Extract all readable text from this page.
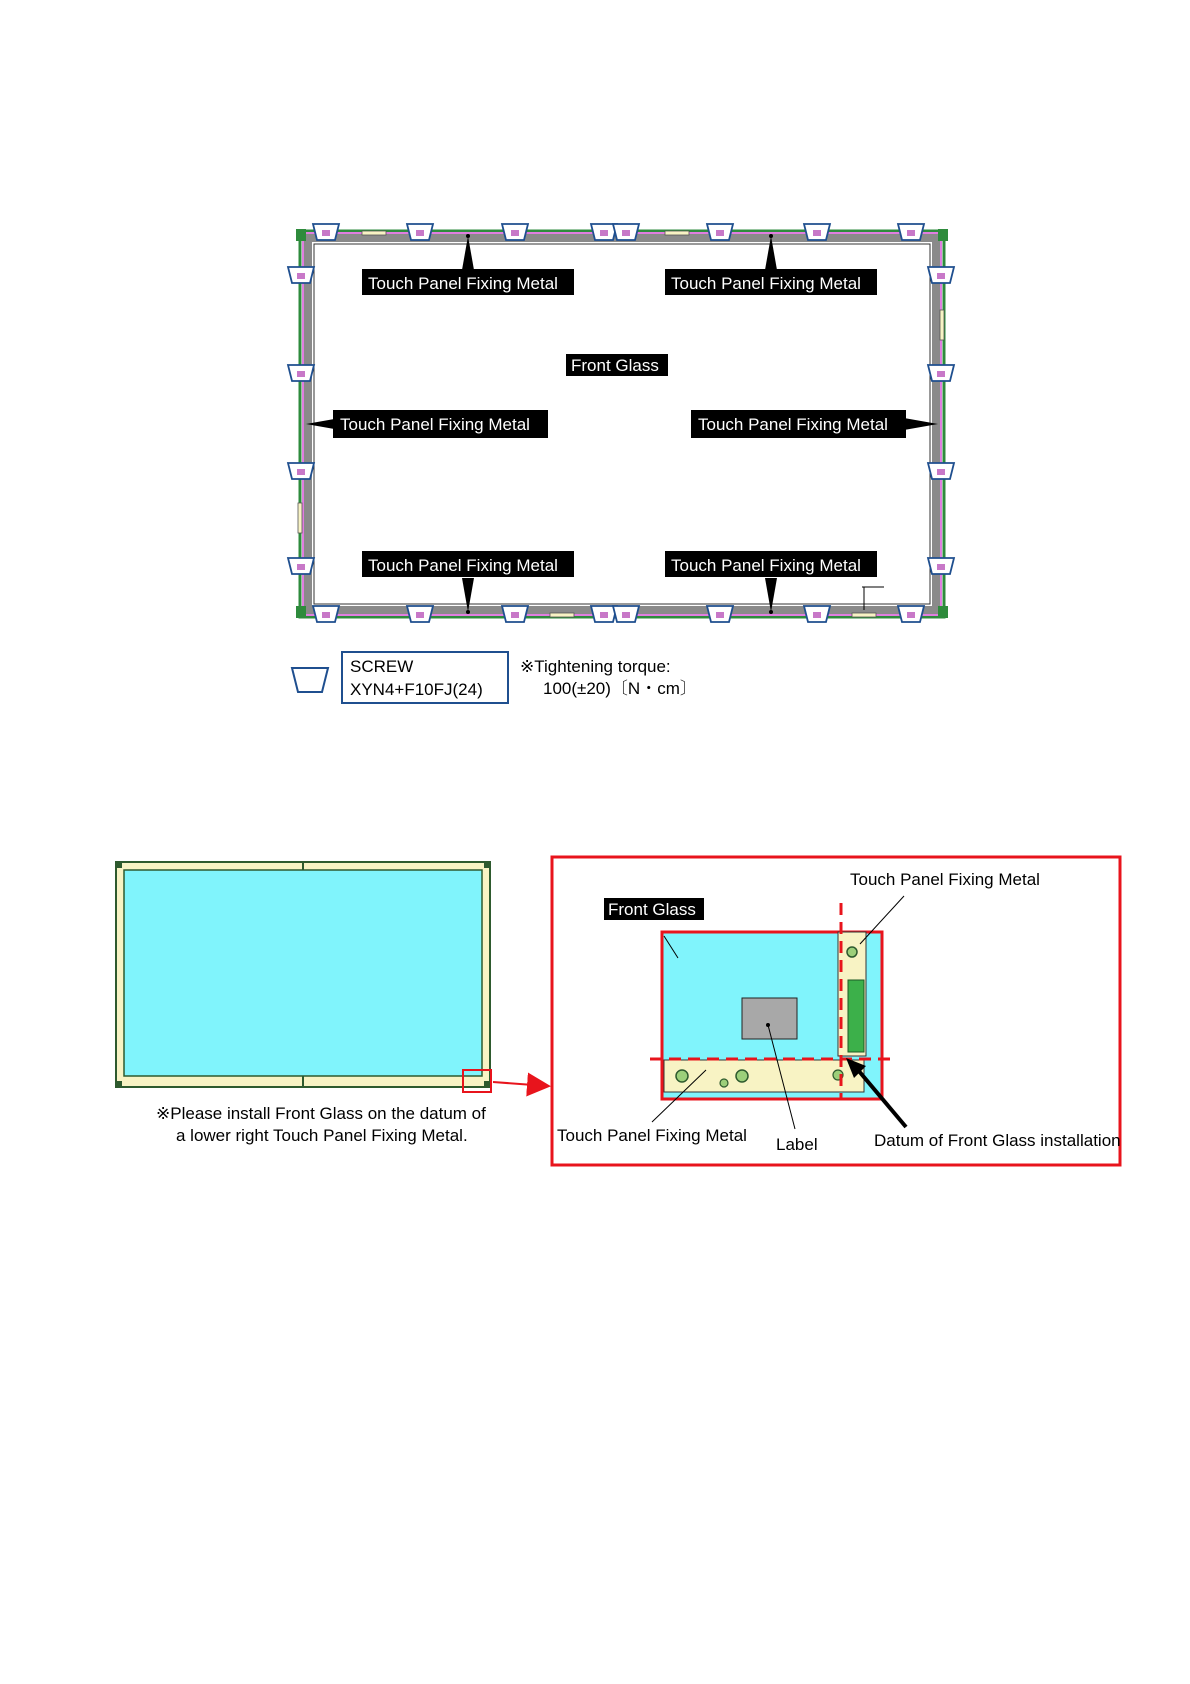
Touch Panel Fixing Metal	Touch Panel Fixing Metal
Front Glass
Touch Panel Fixing Metal	Touch Panel Fixing Metal
Touch Panel Fixing Metal	Touch Panel Fixing Metal
SCREW
XYN4+F10FJ(24)
※Tightening torque:
100(±20)〔N・cm〕
※Please install Front Glass on the datum of
a lower right Touch Panel Fixing Metal.
Touch Panel Fixing Metal
Front Glass
Touch Panel Fixing Metal Label	Datum of Front Glass installation
